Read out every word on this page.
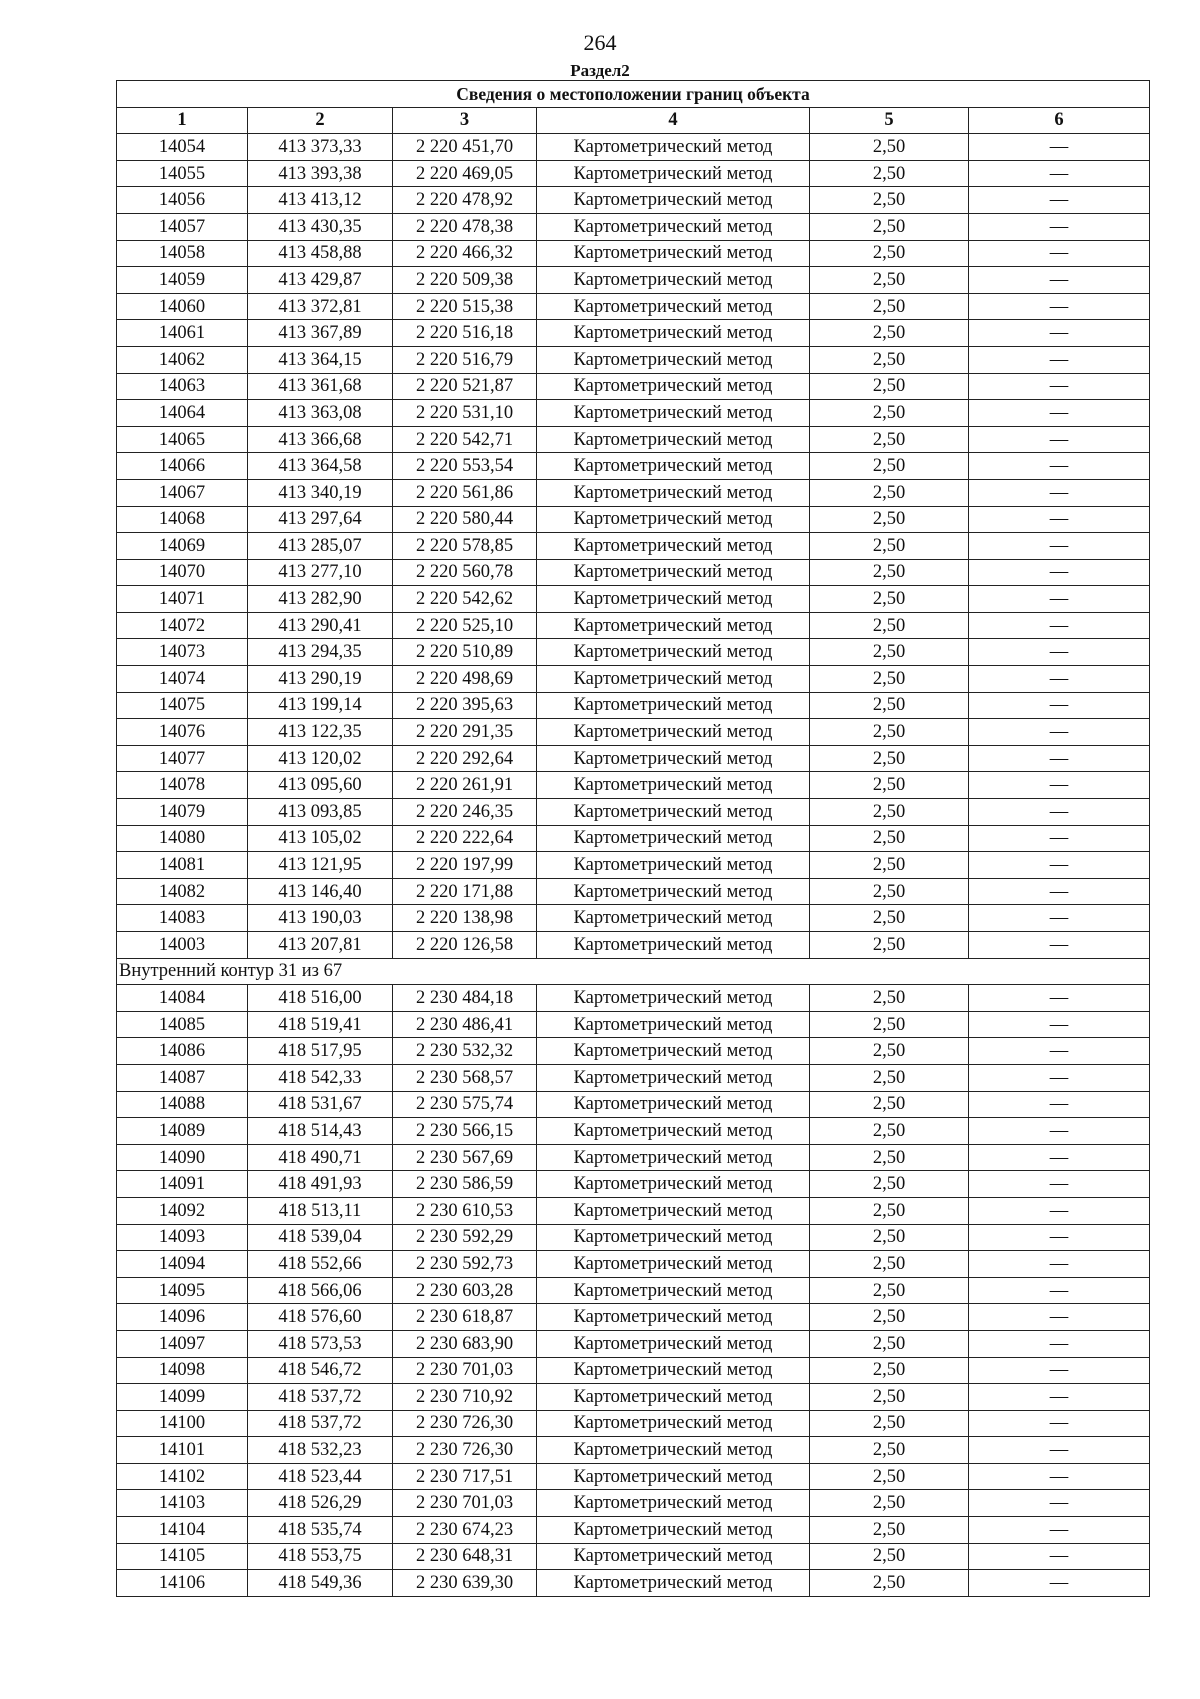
264
Раздел2
Сведения о местоположении границ объекта					
1	2	3	4	5	6
14054	413 373,33	2 220 451,70	Картометрический метод	2,50	—
14055	413 393,38	2 220 469,05	Картометрический метод	2,50	—
14056	413 413,12	2 220 478,92	Картометрический метод	2,50	—
14057	413 430,35	2 220 478,38	Картометрический метод	2,50	—
14058	413 458,88	2 220 466,32	Картометрический метод	2,50	—
14059	413 429,87	2 220 509,38	Картометрический метод	2,50	—
14060	413 372,81	2 220 515,38	Картометрический метод	2,50	—
14061	413 367,89	2 220 516,18	Картометрический метод	2,50	—
14062	413 364,15	2 220 516,79	Картометрический метод	2,50	—
14063	413 361,68	2 220 521,87	Картометрический метод	2,50	—
14064	413 363,08	2 220 531,10	Картометрический метод	2,50	—
14065	413 366,68	2 220 542,71	Картометрический метод	2,50	—
14066	413 364,58	2 220 553,54	Картометрический метод	2,50	—
14067	413 340,19	2 220 561,86	Картометрический метод	2,50	—
14068	413 297,64	2 220 580,44	Картометрический метод	2,50	—
14069	413 285,07	2 220 578,85	Картометрический метод	2,50	—
14070	413 277,10	2 220 560,78	Картометрический метод	2,50	—
14071	413 282,90	2 220 542,62	Картометрический метод	2,50	—
14072	413 290,41	2 220 525,10	Картометрический метод	2,50	—
14073	413 294,35	2 220 510,89	Картометрический метод	2,50	—
14074	413 290,19	2 220 498,69	Картометрический метод	2,50	—
14075	413 199,14	2 220 395,63	Картометрический метод	2,50	—
14076	413 122,35	2 220 291,35	Картометрический метод	2,50	—
14077	413 120,02	2 220 292,64	Картометрический метод	2,50	—
14078	413 095,60	2 220 261,91	Картометрический метод	2,50	—
14079	413 093,85	2 220 246,35	Картометрический метод	2,50	—
14080	413 105,02	2 220 222,64	Картометрический метод	2,50	—
14081	413 121,95	2 220 197,99	Картометрический метод	2,50	—
14082	413 146,40	2 220 171,88	Картометрический метод	2,50	—
14083	413 190,03	2 220 138,98	Картометрический метод	2,50	—
14003	413 207,81	2 220 126,58	Картометрический метод	2,50	—
Внутренний контур 31 из 67					
14084	418 516,00	2 230 484,18	Картометрический метод	2,50	—
14085	418 519,41	2 230 486,41	Картометрический метод	2,50	—
14086	418 517,95	2 230 532,32	Картометрический метод	2,50	—
14087	418 542,33	2 230 568,57	Картометрический метод	2,50	—
14088	418 531,67	2 230 575,74	Картометрический метод	2,50	—
14089	418 514,43	2 230 566,15	Картометрический метод	2,50	—
14090	418 490,71	2 230 567,69	Картометрический метод	2,50	—
14091	418 491,93	2 230 586,59	Картометрический метод	2,50	—
14092	418 513,11	2 230 610,53	Картометрический метод	2,50	—
14093	418 539,04	2 230 592,29	Картометрический метод	2,50	—
14094	418 552,66	2 230 592,73	Картометрический метод	2,50	—
14095	418 566,06	2 230 603,28	Картометрический метод	2,50	—
14096	418 576,60	2 230 618,87	Картометрический метод	2,50	—
14097	418 573,53	2 230 683,90	Картометрический метод	2,50	—
14098	418 546,72	2 230 701,03	Картометрический метод	2,50	—
14099	418 537,72	2 230 710,92	Картометрический метод	2,50	—
14100	418 537,72	2 230 726,30	Картометрический метод	2,50	—
14101	418 532,23	2 230 726,30	Картометрический метод	2,50	—
14102	418 523,44	2 230 717,51	Картометрический метод	2,50	—
14103	418 526,29	2 230 701,03	Картометрический метод	2,50	—
14104	418 535,74	2 230 674,23	Картометрический метод	2,50	—
14105	418 553,75	2 230 648,31	Картометрический метод	2,50	—
14106	418 549,36	2 230 639,30	Картометрический метод	2,50	—
